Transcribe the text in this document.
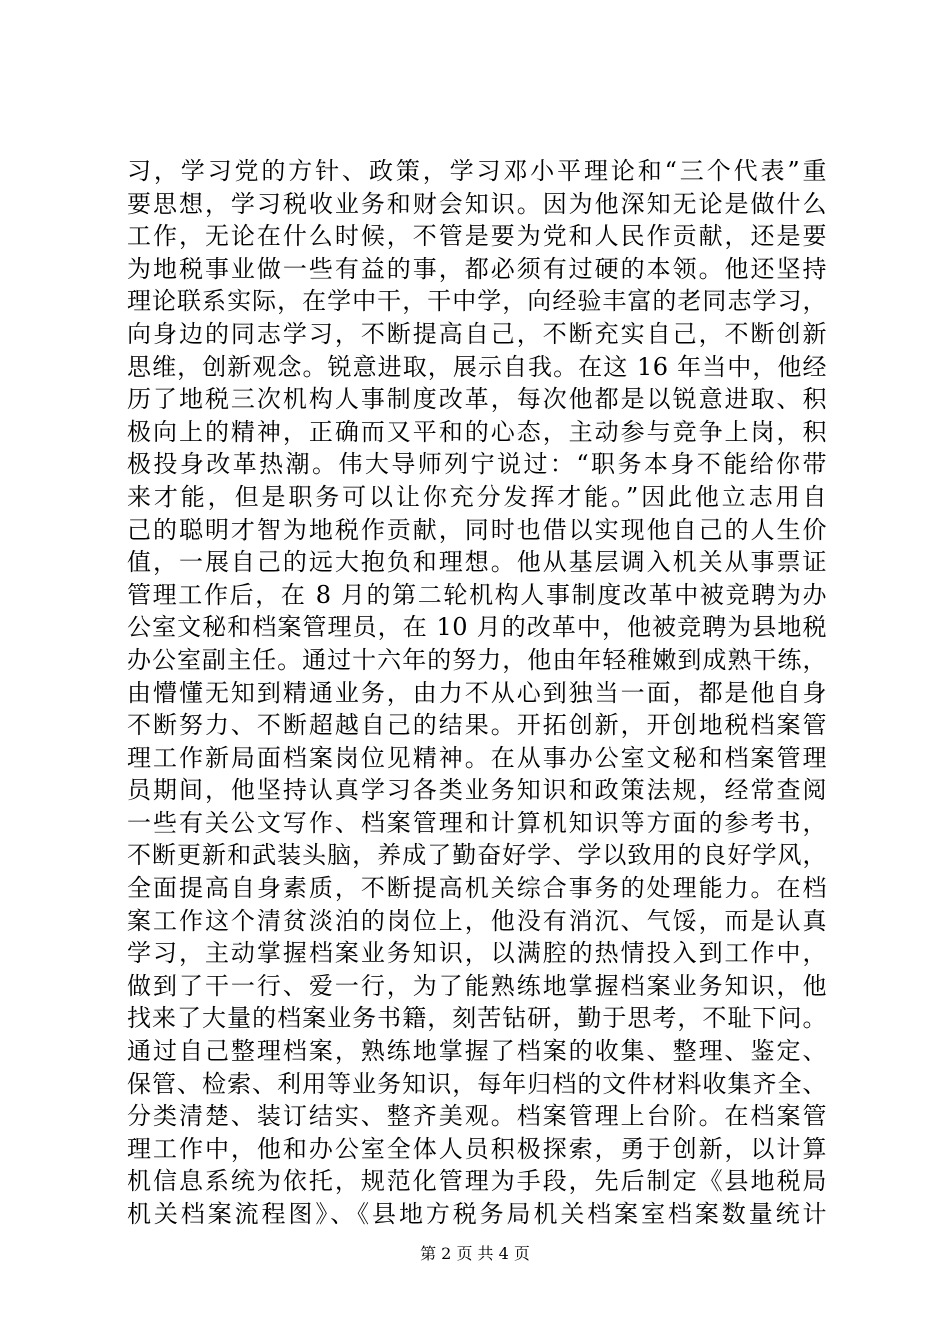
习，学习党的方针、政策，学习邓小平理论和“三个代表”重
要思想，学习税收业务和财会知识。因为他深知无论是做什么
工作，无论在什么时候，不管是要为党和人民作贡献，还是要
为地税事业做一些有益的事，都必须有过硬的本领。他还坚持
理论联系实际，在学中干，干中学，向经验丰富的老同志学习，
向身边的同志学习，不断提高自己，不断充实自己，不断创新
思维，创新观念。锐意进取，展示自我。在这 16 年当中，他经
历了地税三次机构人事制度改革，每次他都是以锐意进取、积
极向上的精神，正确而又平和的心态，主动参与竞争上岗，积
极投身改革热潮。伟大导师列宁说过：“职务本身不能给你带
来才能，但是职务可以让你充分发挥才能。”因此他立志用自
己的聪明才智为地税作贡献，同时也借以实现他自己的人生价
值，一展自己的远大抱负和理想。他从基层调入机关从事票证
管理工作后，在 8 月的第二轮机构人事制度改革中被竞聘为办
公室文秘和档案管理员，在 10 月的改革中，他被竞聘为县地税
办公室副主任。通过十六年的努力，他由年轻稚嫩到成熟干练，
由懵懂无知到精通业务，由力不从心到独当一面，都是他自身
不断努力、不断超越自己的结果。开拓创新，开创地税档案管
理工作新局面档案岗位见精神。在从事办公室文秘和档案管理
员期间，他坚持认真学习各类业务知识和政策法规，经常查阅
一些有关公文写作、档案管理和计算机知识等方面的参考书，
不断更新和武装头脑，养成了勤奋好学、学以致用的良好学风，
全面提高自身素质，不断提高机关综合事务的处理能力。在档
案工作这个清贫淡泊的岗位上，他没有消沉、气馁，而是认真
学习，主动掌握档案业务知识，以满腔的热情投入到工作中，
做到了干一行、爱一行，为了能熟练地掌握档案业务知识，他
找来了大量的档案业务书籍，刻苦钻研，勤于思考，不耻下问。
通过自己整理档案，熟练地掌握了档案的收集、整理、鉴定、
保管、检索、利用等业务知识，每年归档的文件材料收集齐全、
分类清楚、装订结实、整齐美观。档案管理上台阶。在档案管
理工作中，他和办公室全体人员积极探索，勇于创新，以计算
机信息系统为依托，规范化管理为手段，先后制定《县地税局
机关档案流程图》、《县地方税务局机关档案室档案数量统计
第 2 页 共 4 页
